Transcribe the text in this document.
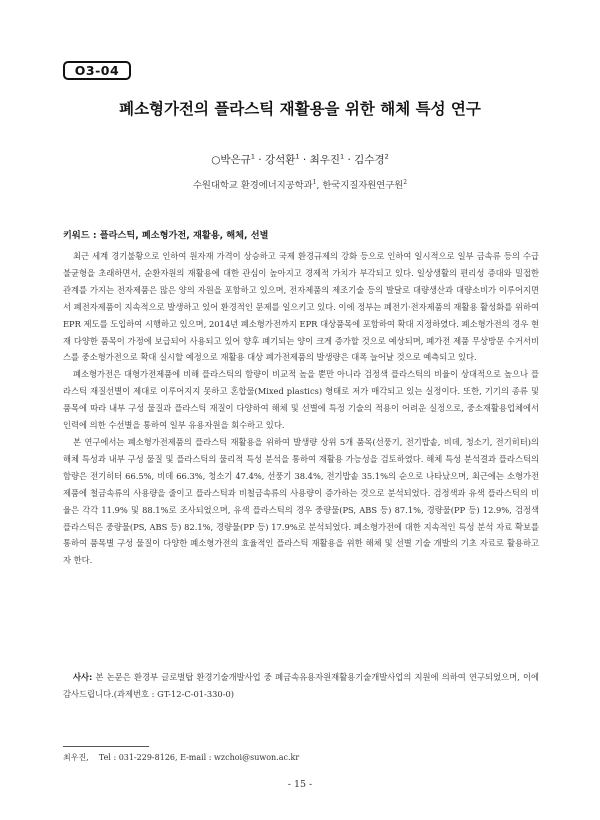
O3-04
폐소형가전의 플라스틱 재활용을 위한 해체 특성 연구
○박은규$^1$ · 강석환$^1$ · 최우진$^1$ · 김수경$^2$
수원대학교 환경에너지공학과$^1$, 한국지질자원연구원$^2$
키워드 : 플라스틱, 폐소형가전, 재활용, 해체, 선별

최근 세계 경기불황으로 인하여 원자재 가격이 상승하고 국제 환경규제의 강화 등으로 인하여 일시적으로 일부 금속류 등의 수급 불균형을 초래하면서, 순환자원의 재활용에 대한 관심이 높아지고 경제적 가치가 부각되고 있다. 일상생활의 편리성 증대와 밀접한 관계를 가지는 전자제품은 많은 양의 자원을 포함하고 있으며, 전자제품의 제조기술 등의 발달로 대량생산과 대량소비가 이루어지면서 폐전자제품이 지속적으로 발생하고 있어 환경적인 문제를 일으키고 있다. 이에 정부는 폐전기·전자제품의 재활용 활성화를 위하여 EPR 제도를 도입하여 시행하고 있으며, 2014년 폐소형가전까지 EPR 대상품목에 포함하여 확대 지정하였다. 폐소형가전의 경우 현재 다양한 품목이 가정에 보급되어 사용되고 있어 향후 폐기되는 양이 크게 증가할 것으로 예상되며, 폐가전 제품 무상방문 수거서비스를 중소형가전으로 확대 실시할 예정으로 재활용 대상 폐가전제품의 발생량은 대폭 늘어날 것으로 예측되고 있다.

폐소형가전은 대형가전제품에 비해 플라스틱의 함량이 비교적 높을 뿐만 아니라 검정색 플라스틱의 비율이 상대적으로 높으나 플라스틱 재질선별이 제대로 이루어지지 못하고 혼합물(Mixed plastics) 형태로 저가 매각되고 있는 실정이다. 또한, 기기의 종류 및 품목에 따라 내부 구성 물질과 플라스틱 재질이 다양하여 해체 및 선별에 특정 기술의 적용이 어려운 실정으로, 중소재활용업체에서 인력에 의한 수선별을 통하여 일부 유용자원을 회수하고 있다.

본 연구에서는 폐소형가전제품의 플라스틱 재활용을 위하여 발생량 상위 5개 품목(선풍기, 전기밥솥, 비데, 청소기, 전기히터)의 해체 특성과 내부 구성 물질 및 플라스틱의 물리적 특성 분석을 통하여 재활용 가능성을 검토하였다. 해체 특성 분석결과 플라스틱의 함량은 전기히터 66.5%, 비데 66.3%, 청소기 47.4%, 선풍기 38.4%, 전기밥솥 35.1%의 순으로 나타났으며, 최근에는 소형가전제품에 철금속류의 사용량을 줄이고 플라스틱과 비철금속류의 사용량이 증가하는 것으로 분석되었다. 검정색과 유색 플라스틱의 비율은 각각 11.9% 및 88.1%로 조사되었으며, 유색 플라스틱의 경우 중량물(PS, ABS 등) 87.1%, 경량물(PP 등) 12.9%, 검정색 플라스틱은 중량물(PS, ABS 등) 82.1%, 경량물(PP 등) 17.9%로 분석되었다. 폐소형가전에 대한 지속적인 특성 분석 자료 확보를 통하여 품목별 구성 물질이 다양한 폐소형가전의 효율적인 플라스틱 재활용을 위한 해체 및 선별 기술 개발의 기초 자료로 활용하고자 한다.

사사: 본 논문은 환경부 글로벌탑 환경기술개발사업 중 폐금속유용자원재활용기술개발사업의 지원에 의하여 연구되었으며, 이에 감사드립니다.(과제번호 : GT-12-C-01-330-0)

최우진,    Tel : 031-229-8126, E-mail : wzchoi@suwon.ac.kr
- 15 -
